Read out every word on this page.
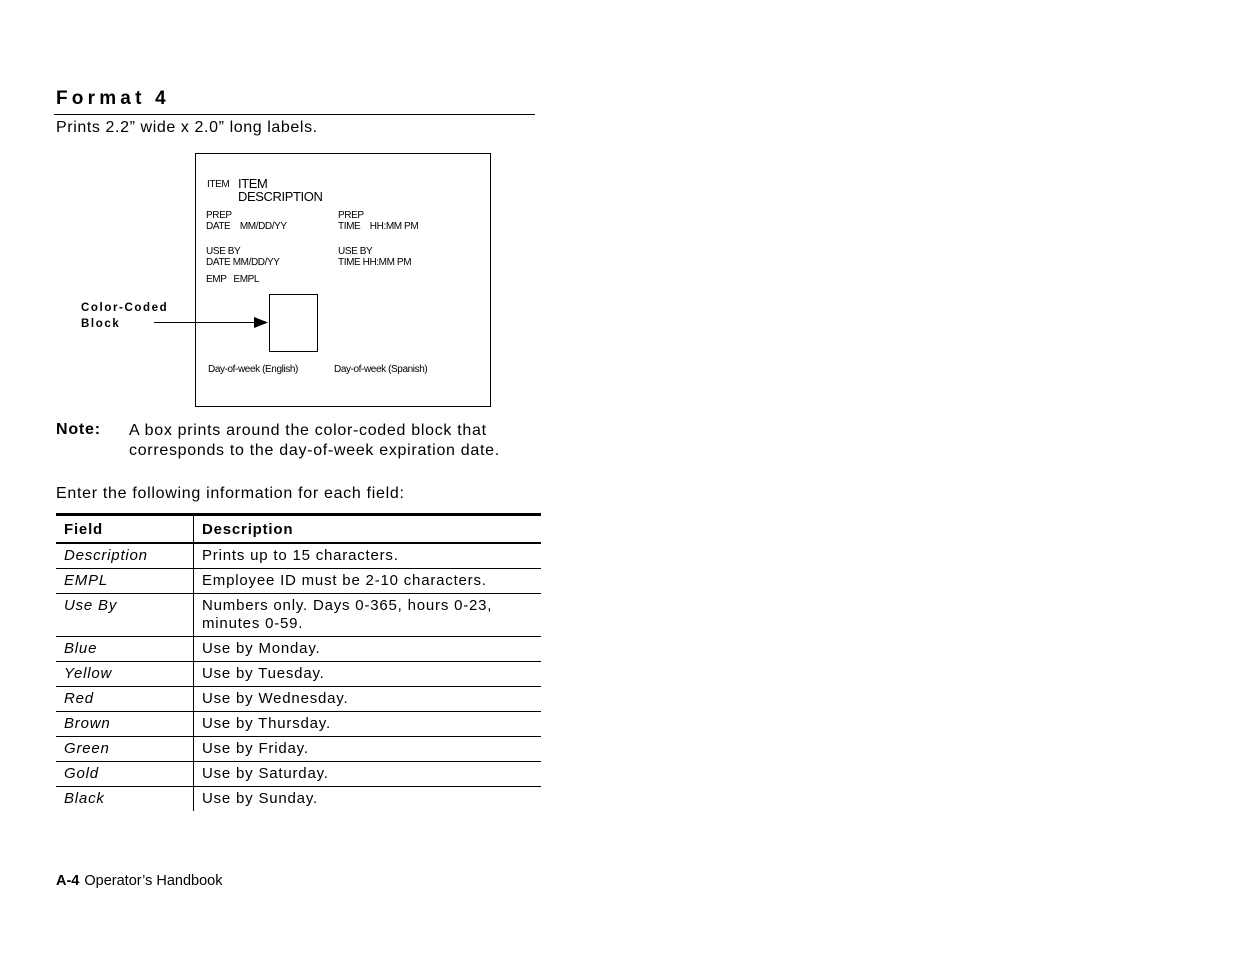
Format 4
Prints 2.2” wide x 2.0” long labels.
ITEM ITEM
DESCRIPTION
PREP
DATE    MM/DD/YY
PREP
TIME    HH:MM PM
USE BY
DATE MM/DD/YY
USE BY
TIME HH:MM PM
EMP   EMPL
Day-of-week (English)	Day-of-week (Spanish)
Color-Coded
Block
Note: A box prints around the color-coded block that corresponds to the day-of-week expiration date.
Enter the following information for each field:
Field	Description
Description	Prints up to 15 characters.
EMPL	Employee ID must be 2-10 characters.
Use By	Numbers only. Days 0-365, hours 0-23, minutes 0-59.
Blue	Use by Monday.
Yellow	Use by Tuesday.
Red	Use by Wednesday.
Brown	Use by Thursday.
Green	Use by Friday.
Gold	Use by Saturday.
Black	Use by Sunday.
A-4 Operator’s Handbook
